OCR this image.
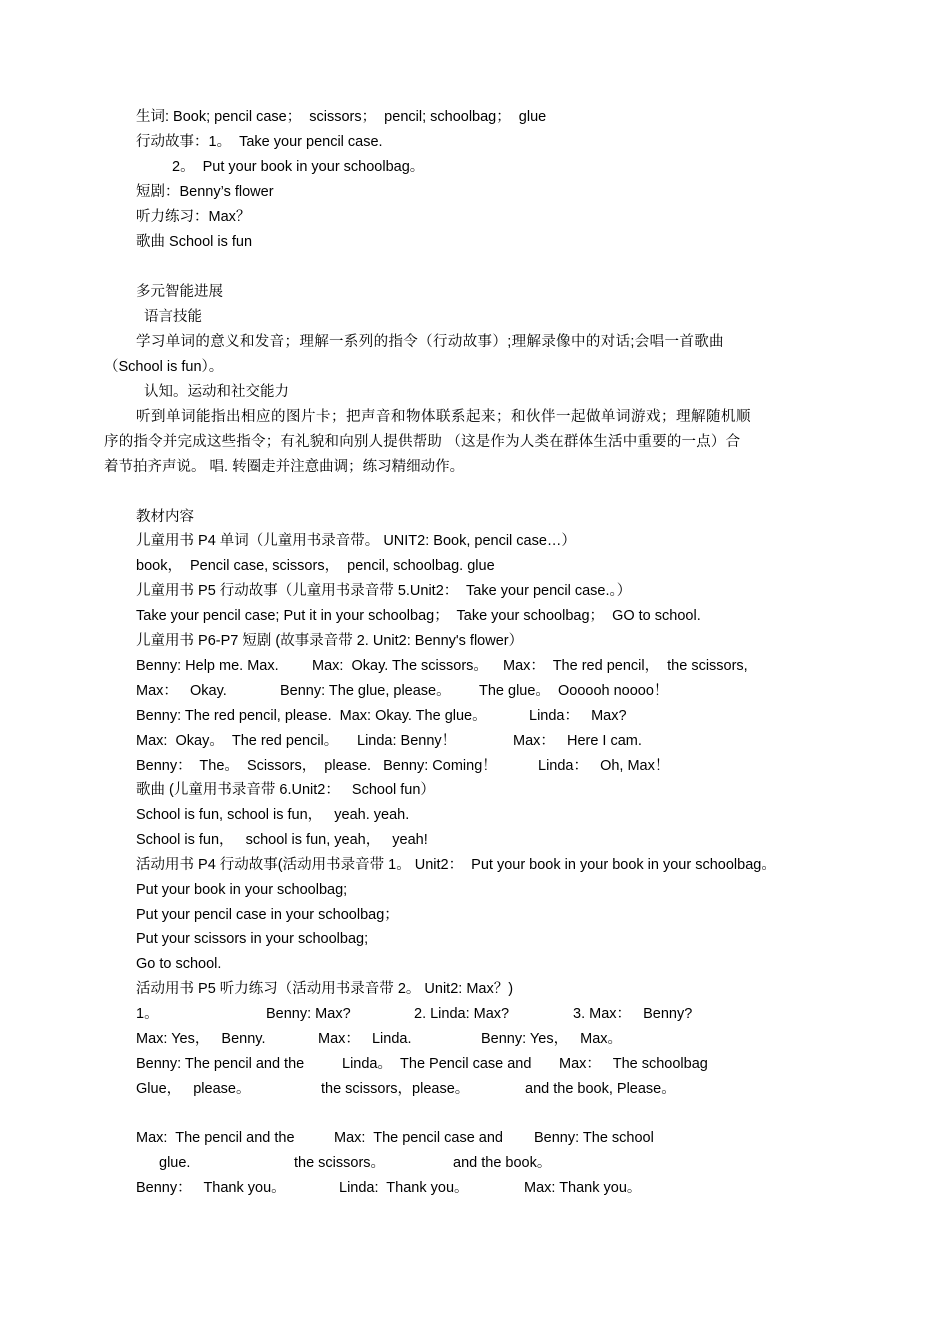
生词: Book; pencil case；  scissors；  pencil; schoolbag；  glue
行动故事：1。  Take your pencil case.
2。  Put your book in your schoolbag。
短剧：Benny’s flower
听力练习：Max？
歌曲 School is fun
多元智能进展
语言技能
学习单词的意义和发音；理解一系列的指令（行动故事）;理解录像中的对话;会唱一首歌曲
（School is fun）。
认知。运动和社交能力
听到单词能指出相应的图片卡；把声音和物体联系起来；和伙伴一起做单词游戏；理解随机顺
序的指令并完成这些指令；有礼貌和向别人提供帮助 （这是作为人类在群体生活中重要的一点）合
着节拍齐声说。 唱. 转圈走并注意曲调；练习精细动作。
教材内容
儿童用书 P4 单词（儿童用书录音带。 UNIT2: Book, pencil case…）
book，  Pencil case, scissors，  pencil, schoolbag. glue
儿童用书 P5 行动故事（儿童用书录音带 5.Unit2：  Take your pencil case.。）
Take your pencil case; Put it in your schoolbag；  Take your schoolbag；  GO to school.
儿童用书 P6-P7 短剧 (故事录音带 2. Unit2: Benny's flower）
Benny: Help me. Max. Max:  Okay. The scissors。 Max：  The red pencil，  the scissors,
Max：   Okay.	Benny: The glue, please。 The glue。  Oooooh noooo！
Benny: The red pencil, please.  Max: Okay. The glue。	Linda：   Max?
Max:  Okay。  The red pencil。 Linda: Benny！	Max：   Here I cam.
Benny：  The。  Scissors，  please.   Benny: Coming！	Linda：   Oh, Max！
歌曲 (儿童用书录音带 6.Unit2：   School fun）
School is fun, school is fun，   yeah. yeah.
School is fun，   school is fun, yeah，   yeah!
活动用书 P4 行动故事(活动用书录音带 1。 Unit2：  Put your book in your book in your schoolbag。
Put your book in your schoolbag;
Put your pencil case in your schoolbag；
Put your scissors in your schoolbag;
Go to school.
活动用书 P5 听力练习（活动用书录音带 2。 Unit2: Max？)
1。	Benny: Max?	2. Linda: Max?	3. Max：   Benny?
Max: Yes，   Benny.	Max：   Linda.	Benny: Yes，   Max。
Benny: The pencil and the	Linda。  The Pencil case and Max：   The schoolbag
Glue，   please。	the scissors，please。	and the book, Please。
Max:  The pencil and the	Max:  The pencil case and Benny: The school
glue.	the scissors。	and the book。
Benny：   Thank you。	Linda:  Thank you。	Max: Thank you。
